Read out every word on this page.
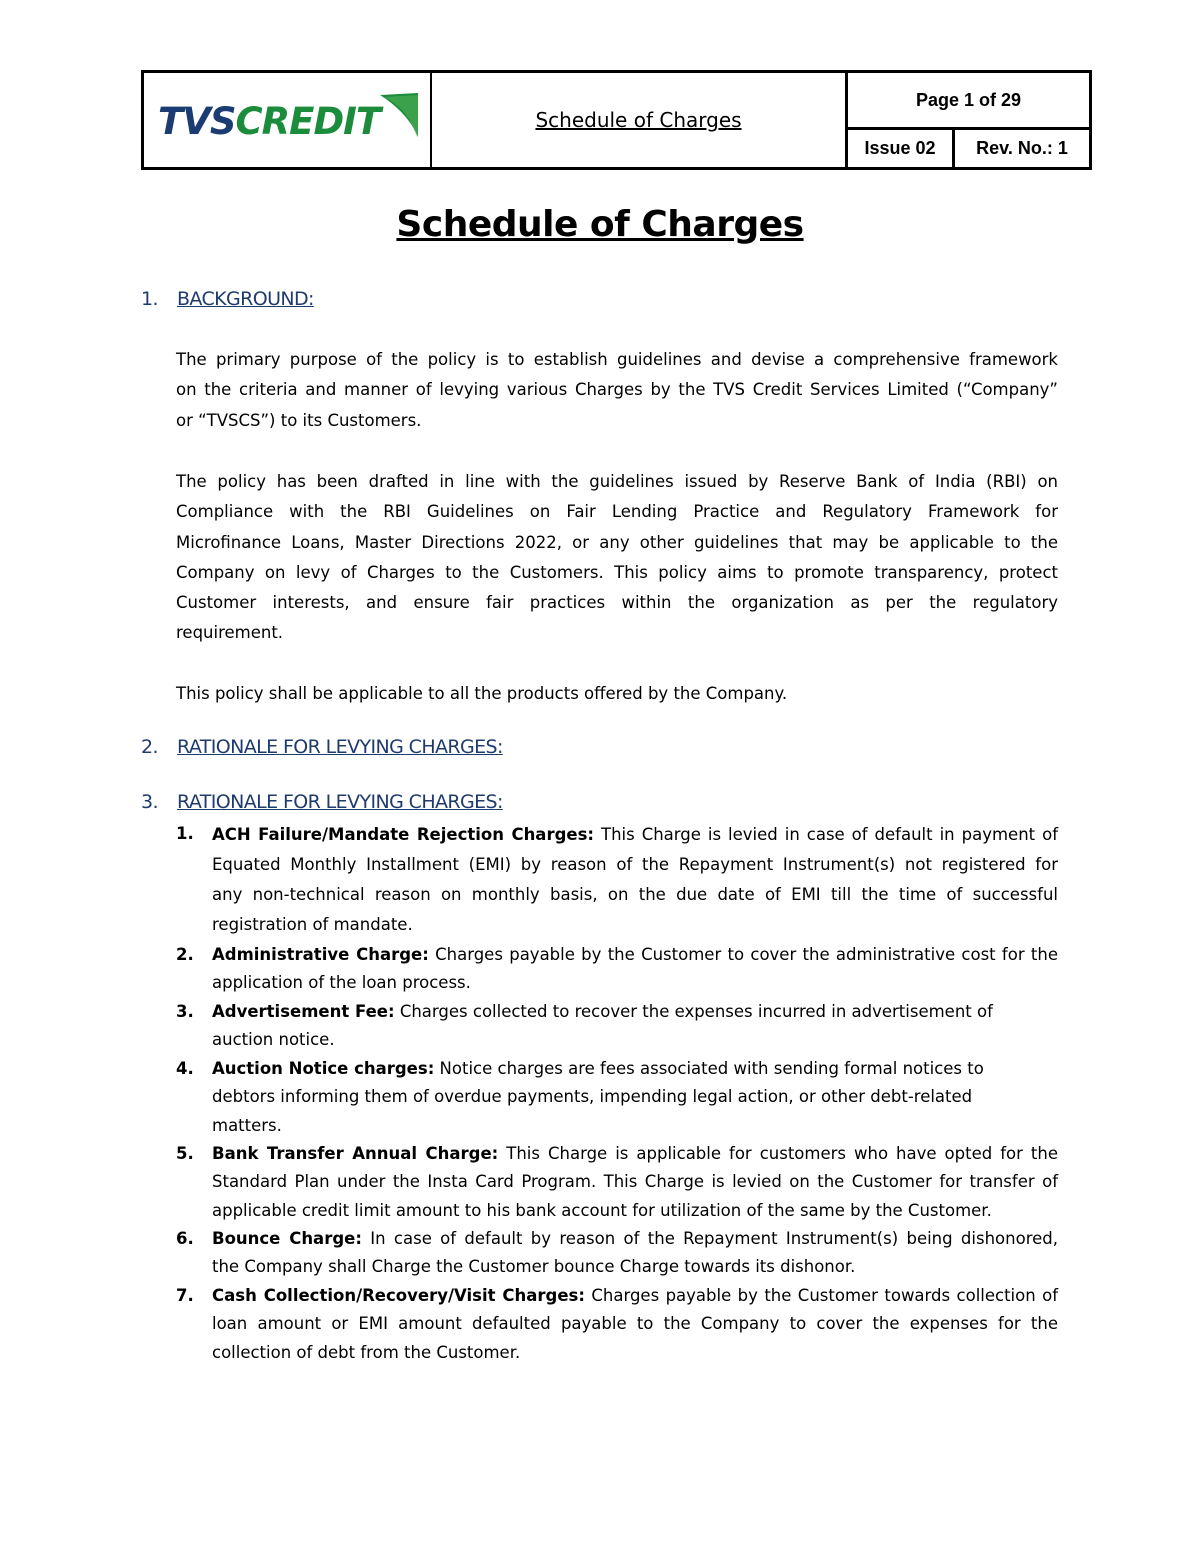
TVSCREDIT	Schedule of Charges
Page 1 of 29
Issue 02	Rev. No.: 1
Schedule of Charges
1. BACKGROUND:
The primary purpose of the policy is to establish guidelines and devise a comprehensive framework
on the criteria and manner of levying various Charges by the TVS Credit Services Limited (“Company”
or “TVSCS”) to its Customers.
The policy has been drafted in line with the guidelines issued by Reserve Bank of India (RBI) on
Compliance with the RBI Guidelines on Fair Lending Practice and Regulatory Framework for
Microfinance Loans, Master Directions 2022, or any other guidelines that may be applicable to the
Company on levy of Charges to the Customers. This policy aims to promote transparency, protect
Customer interests, and ensure fair practices within the organization as per the regulatory
requirement.
This policy shall be applicable to all the products offered by the Company.
2. RATIONALE FOR LEVYING CHARGES:
3. RATIONALE FOR LEVYING CHARGES:
1. ACH Failure/Mandate Rejection Charges: This Charge is levied in case of default in payment of
Equated Monthly Installment (EMI) by reason of the Repayment Instrument(s) not registered for
any non-technical reason on monthly basis, on the due date of EMI till the time of successful
registration of mandate.
2. Administrative Charge: Charges payable by the Customer to cover the administrative cost for the
application of the loan process.
3. Advertisement Fee: Charges collected to recover the expenses incurred in advertisement of
auction notice.
4. Auction Notice charges: Notice charges are fees associated with sending formal notices to
debtors informing them of overdue payments, impending legal action, or other debt-related
matters.
5. Bank Transfer Annual Charge: This Charge is applicable for customers who have opted for the
Standard Plan under the Insta Card Program. This Charge is levied on the Customer for transfer of
applicable credit limit amount to his bank account for utilization of the same by the Customer.
6. Bounce Charge: In case of default by reason of the Repayment Instrument(s) being dishonored,
the Company shall Charge the Customer bounce Charge towards its dishonor.
7. Cash Collection/Recovery/Visit Charges: Charges payable by the Customer towards collection of
loan amount or EMI amount defaulted payable to the Company to cover the expenses for the
collection of debt from the Customer.
